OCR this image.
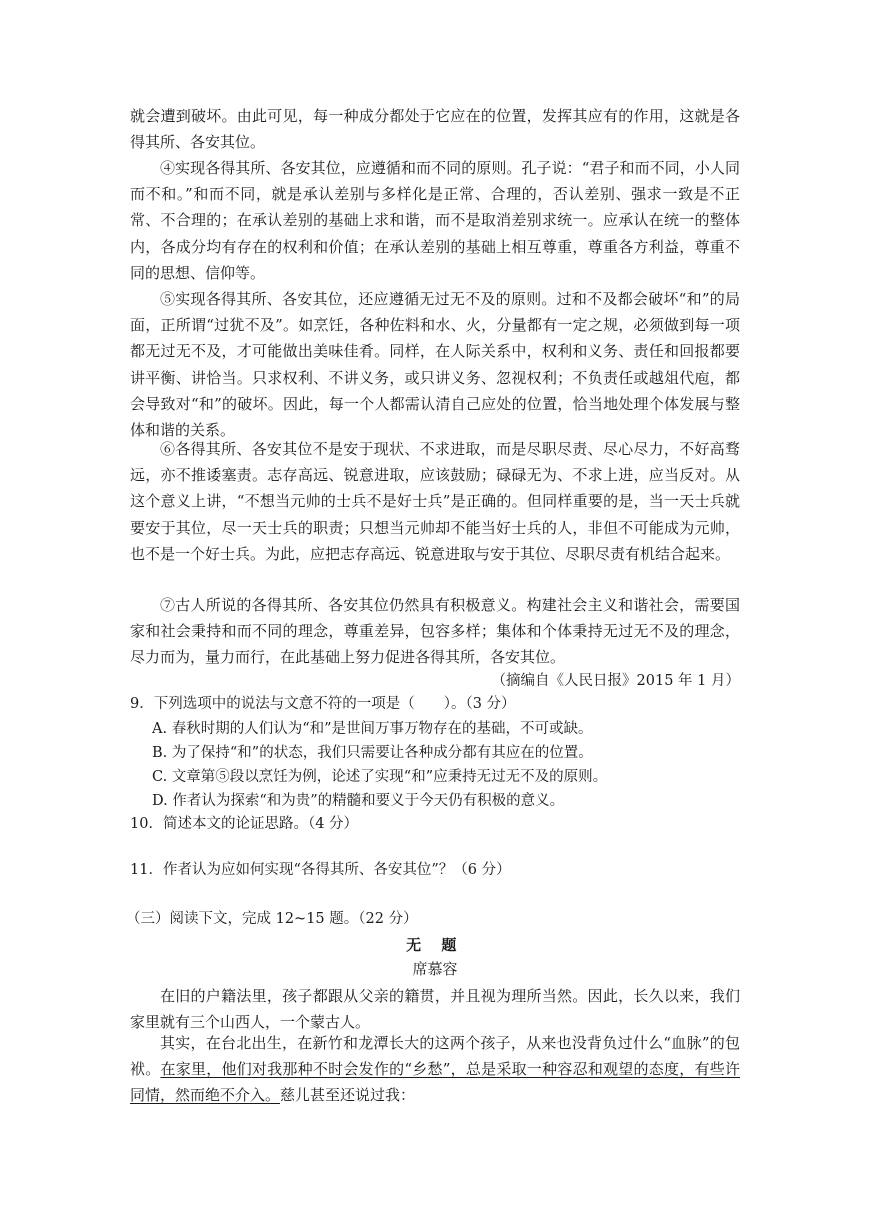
就会遭到破坏。由此可见，每一种成分都处于它应在的位置，发挥其应有的作用，这就是各得其所、各安其位。

④实现各得其所、各安其位，应遵循和而不同的原则。孔子说：“君子和而不同，小人同而不和。”和而不同，就是承认差别与多样化是正常、合理的，否认差别、强求一致是不正常、不合理的；在承认差别的基础上求和谐，而不是取消差别求统一。应承认在统一的整体内，各成分均有存在的权利和价值；在承认差别的基础上相互尊重，尊重各方利益，尊重不同的思想、信仰等。

⑤实现各得其所、各安其位，还应遵循无过无不及的原则。过和不及都会破坏“和”的局面，正所谓“过犹不及”。如烹饪，各种佐料和水、火，分量都有一定之规，必须做到每一项都无过无不及，才可能做出美味佳肴。同样，在人际关系中，权利和义务、责任和回报都要讲平衡、讲恰当。只求权利、不讲义务，或只讲义务、忽视权利；不负责任或越俎代庖，都会导致对“和”的破坏。因此，每一个人都需认清自己应处的位置，恰当地处理个体发展与整体和谐的关系。

⑥各得其所、各安其位不是安于现状、不求进取，而是尽职尽责、尽心尽力，不好高骛远，亦不推诿塞责。志存高远、锐意进取，应该鼓励；碌碌无为、不求上进，应当反对。从这个意义上讲，“不想当元帅的士兵不是好士兵”是正确的。但同样重要的是，当一天士兵就要安于其位，尽一天士兵的职责；只想当元帅却不能当好士兵的人，非但不可能成为元帅，也不是一个好士兵。为此，应把志存高远、锐意进取与安于其位、尽职尽责有机结合起来。

⑦古人所说的各得其所、各安其位仍然具有积极意义。构建社会主义和谐社会，需要国家和社会秉持和而不同的理念，尊重差异，包容多样；集体和个体秉持无过无不及的理念，尽力而为，量力而行，在此基础上努力促进各得其所，各安其位。

（摘编自《人民日报》2015 年 1 月）

9．下列选项中的说法与文意不符的一项是（　　）。（3 分）

A. 春秋时期的人们认为“和”是世间万事万物存在的基础，不可或缺。

B. 为了保持“和”的状态，我们只需要让各种成分都有其应在的位置。

C. 文章第⑤段以烹饪为例，论述了实现“和”应秉持无过无不及的原则。

D. 作者认为探索“和为贵”的精髓和要义于今天仍有积极的意义。

10．简述本文的论证思路。（4 分）

11．作者认为应如何实现“各得其所、各安其位”？（6 分）

（三）阅读下文，完成 12~15 题。（22 分）

无 题

席慕容

在旧的户籍法里，孩子都跟从父亲的籍贯，并且视为理所当然。因此，长久以来，我们家里就有三个山西人，一个蒙古人。

其实，在台北出生，在新竹和龙潭长大的这两个孩子，从来也没背负过什么“血脉”的包袱。在家里，他们对我那种不时会发作的“乡愁”，总是采取一种容忍和观望的态度，有些许同情，然而绝不介入。慈儿甚至还说过我：
